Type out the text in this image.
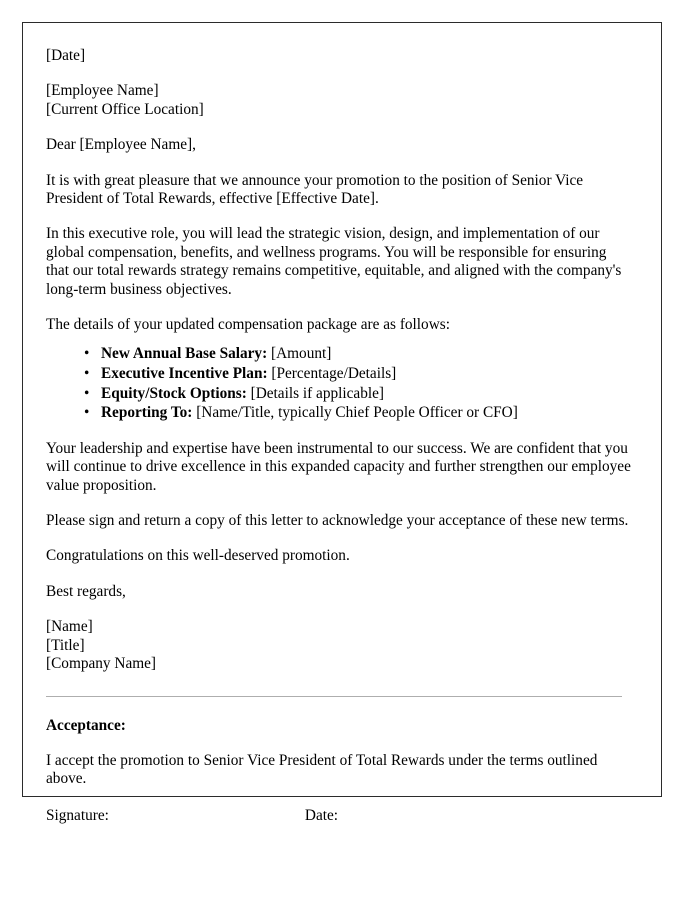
[Date]

[Employee Name]
[Current Office Location]

Dear [Employee Name],

It is with great pleasure that we announce your promotion to the position of Senior Vice President of Total Rewards, effective [Effective Date].

In this executive role, you will lead the strategic vision, design, and implementation of our global compensation, benefits, and wellness programs. You will be responsible for ensuring that our total rewards strategy remains competitive, equitable, and aligned with the company's long-term business objectives.

The details of your updated compensation package are as follows:

• New Annual Base Salary: [Amount]
• Executive Incentive Plan: [Percentage/Details]
• Equity/Stock Options: [Details if applicable]
• Reporting To: [Name/Title, typically Chief People Officer or CFO]

Your leadership and expertise have been instrumental to our success. We are confident that you will continue to drive excellence in this expanded capacity and further strengthen our employee value proposition.

Please sign and return a copy of this letter to acknowledge your acceptance of these new terms.

Congratulations on this well-deserved promotion.

Best regards,

[Name]
[Title]
[Company Name]

Acceptance:

I accept the promotion to Senior Vice President of Total Rewards under the terms outlined above.

Signature:	Date:
